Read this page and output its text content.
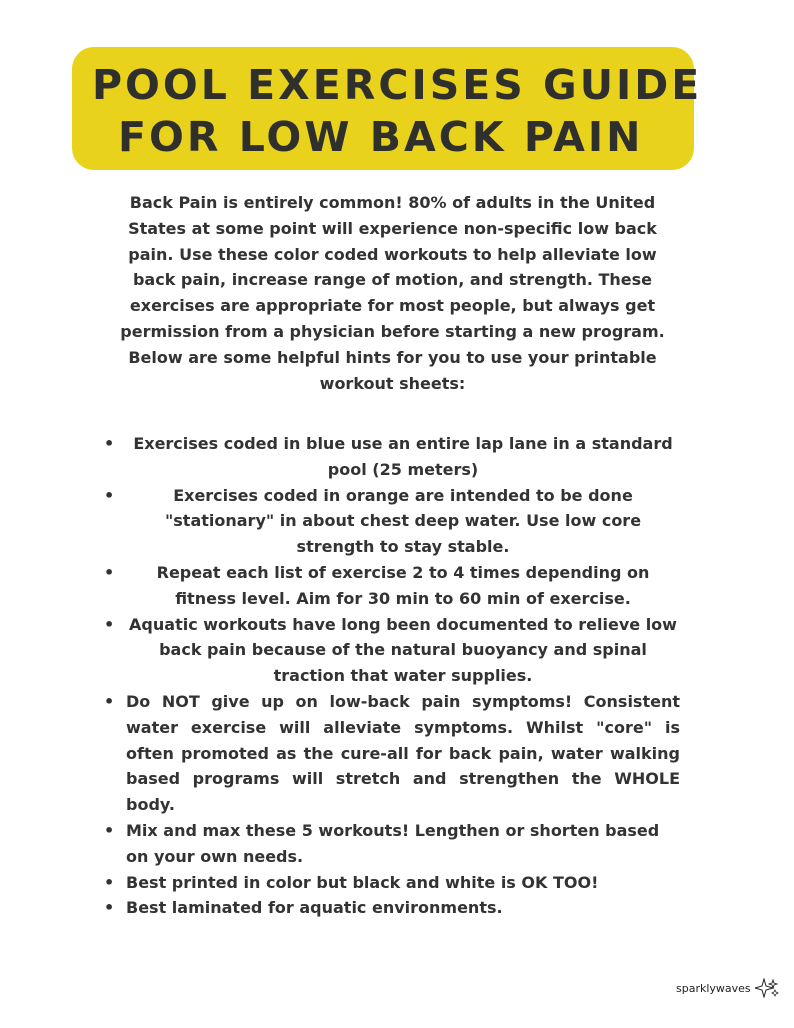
POOL EXERCISES GUIDE
FOR LOW BACK PAIN
Back Pain is entirely common! 80% of adults in the United States at some point will experience non-specific low back pain. Use these color coded workouts to help alleviate low back pain, increase range of motion, and strength. These exercises are appropriate for most people, but always get permission from a physician before starting a new program. Below are some helpful hints for you to use your printable workout sheets:
•	Exercises coded in blue use an entire lap lane in a standard pool (25 meters)
•	Exercises coded in orange are intended to be done "stationary" in about chest deep water. Use low core strength to stay stable.
•	Repeat each list of exercise 2 to 4 times depending on fitness level. Aim for 30 min to 60 min of exercise.
• Aquatic workouts have long been documented to relieve low back pain because of the natural buoyancy and spinal traction that water supplies.
• Do NOT give up on low-back pain symptoms! Consistent water exercise will alleviate symptoms. Whilst "core" is often promoted as the cure-all for back pain, water walking based programs will stretch and strengthen the WHOLE body.
• Mix and max these 5 workouts! Lengthen or shorten based on your own needs.
• Best printed in color but black and white is OK TOO!
• Best laminated for aquatic environments.
sparklywaves
